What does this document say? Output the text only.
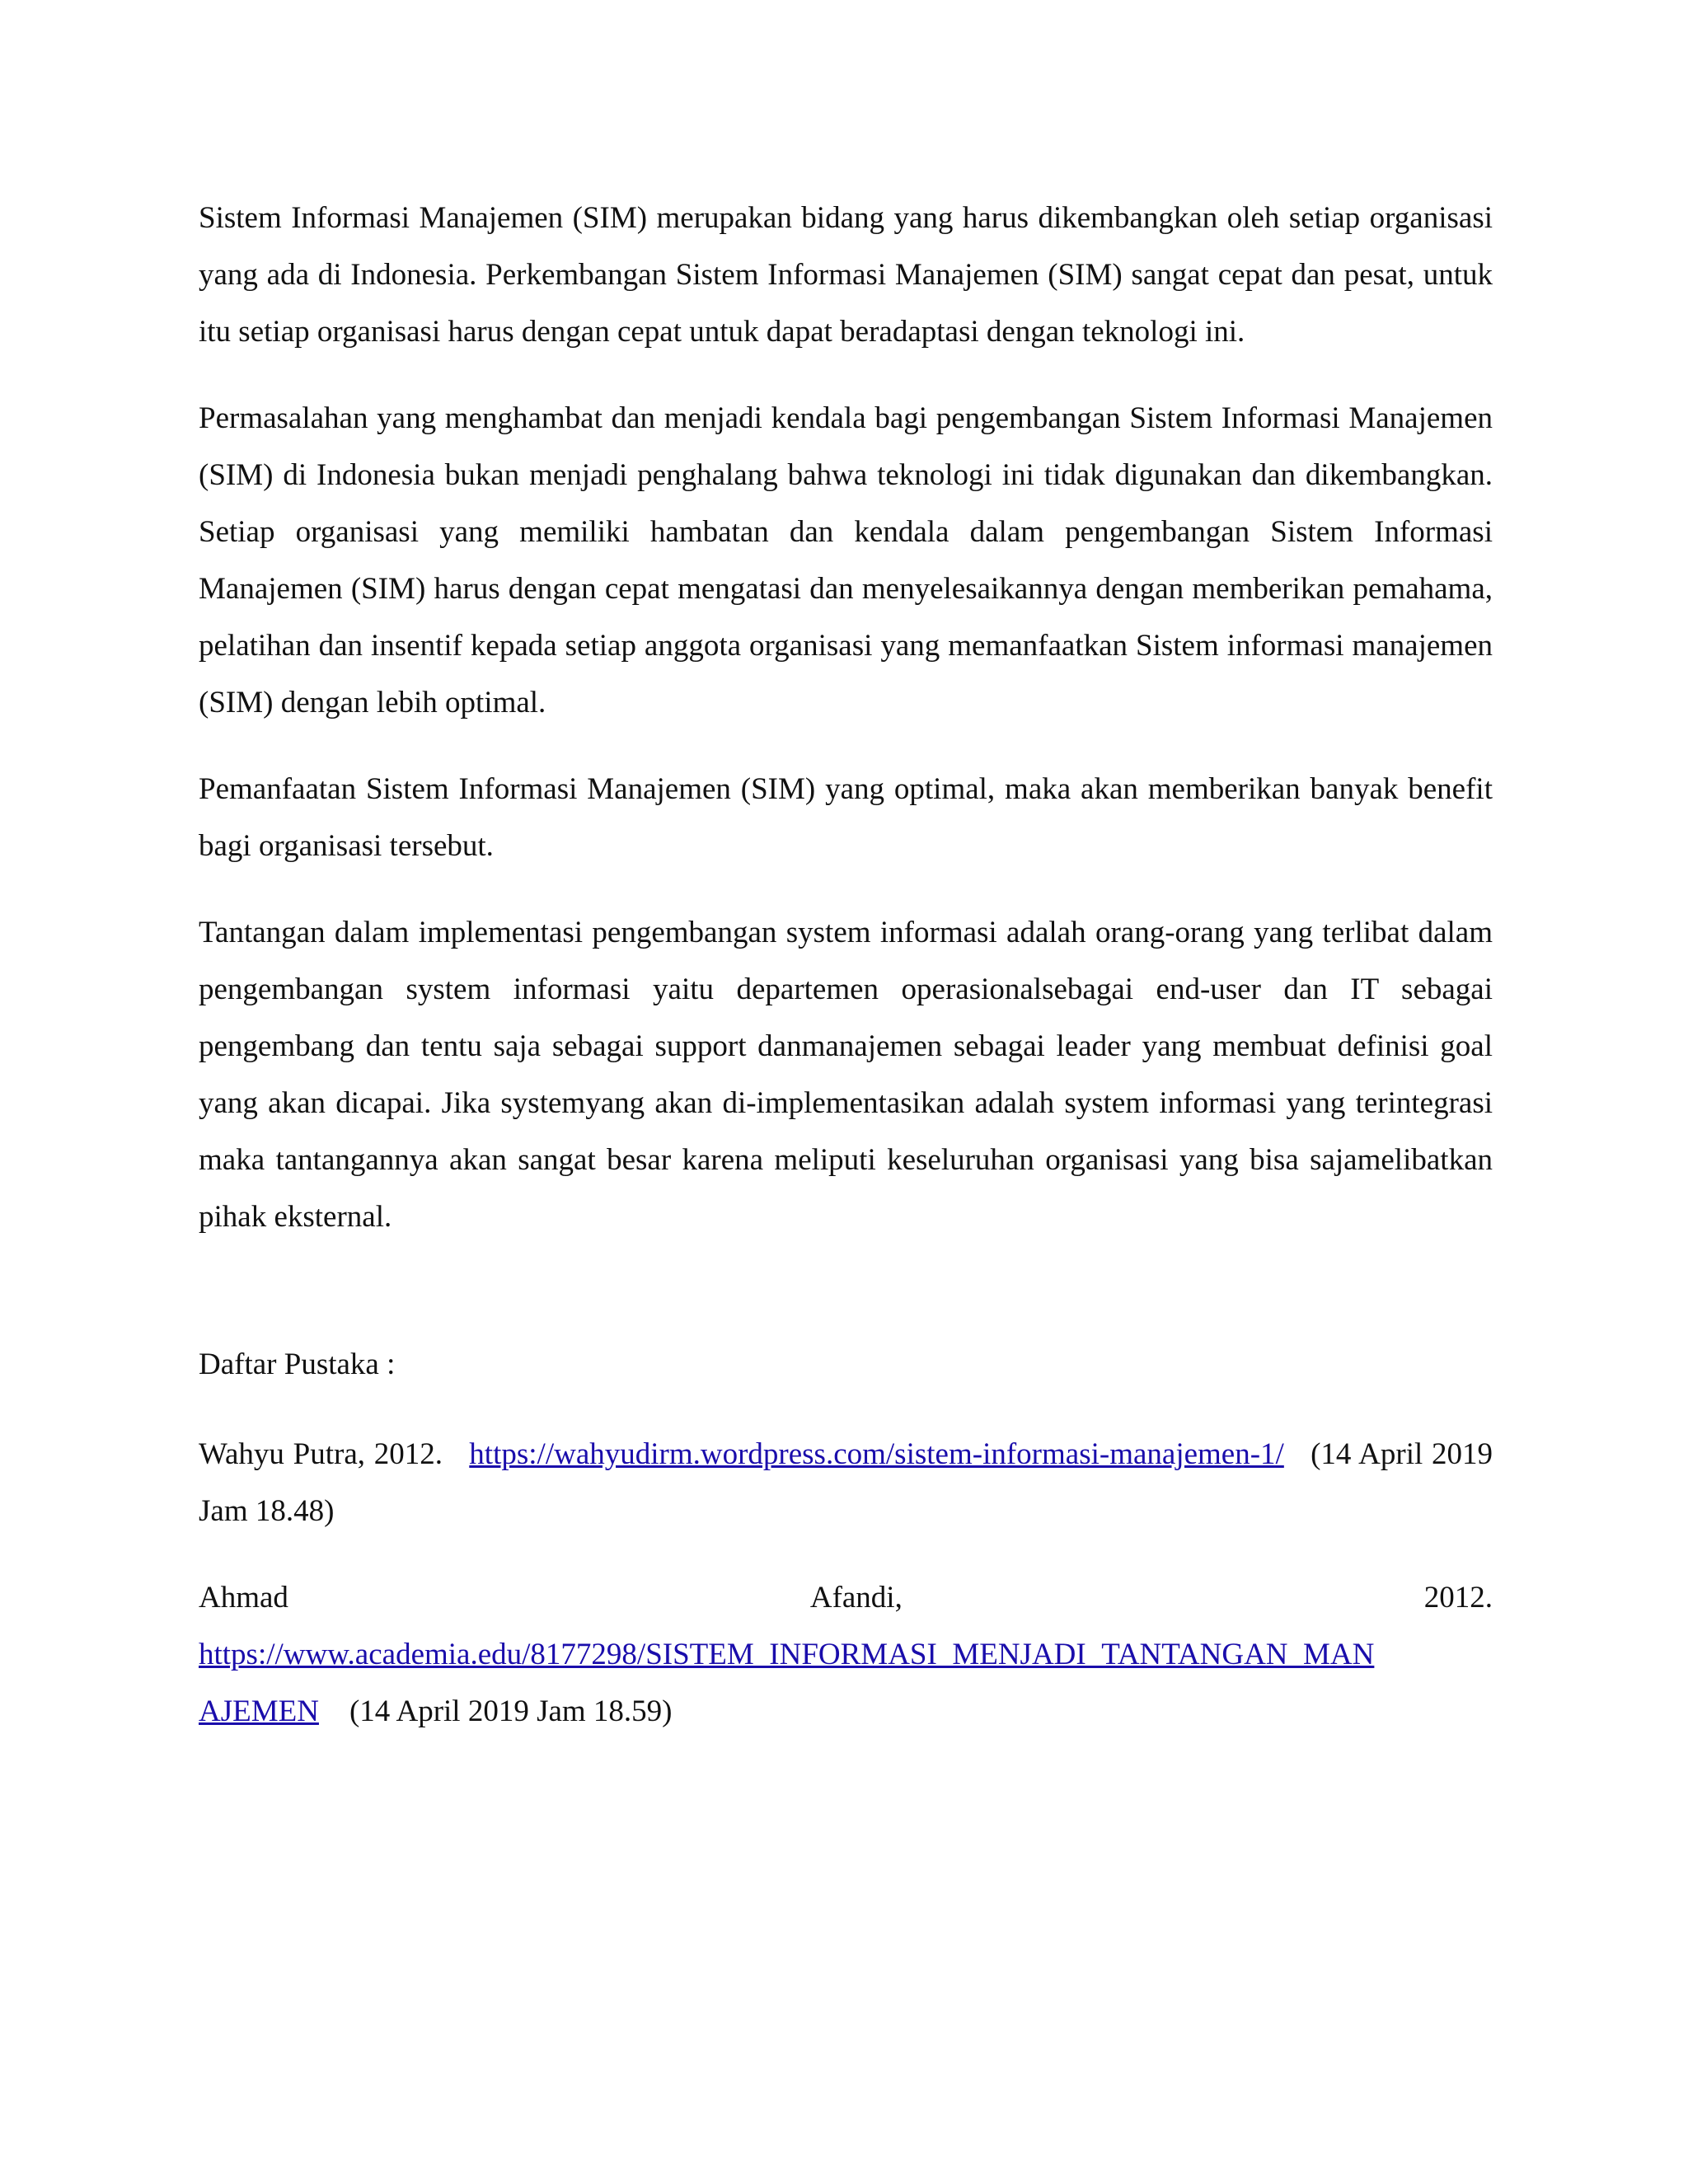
Sistem Informasi Manajemen (SIM) merupakan bidang yang harus dikembangkan oleh setiap organisasi yang ada di Indonesia. Perkembangan Sistem Informasi Manajemen (SIM) sangat cepat dan pesat, untuk itu setiap organisasi harus dengan cepat untuk dapat beradaptasi dengan teknologi ini.

Permasalahan yang menghambat dan menjadi kendala bagi pengembangan Sistem Informasi Manajemen (SIM) di Indonesia bukan menjadi penghalang bahwa teknologi ini tidak digunakan dan dikembangkan. Setiap organisasi yang memiliki hambatan dan kendala dalam pengembangan Sistem Informasi Manajemen (SIM) harus dengan cepat mengatasi dan menyelesaikannya dengan memberikan pemahama, pelatihan dan insentif kepada setiap anggota organisasi yang memanfaatkan Sistem informasi manajemen (SIM) dengan lebih optimal.

Pemanfaatan Sistem Informasi Manajemen (SIM) yang optimal, maka akan memberikan banyak benefit bagi organisasi tersebut.

Tantangan dalam implementasi pengembangan system informasi adalah orang-orang yang terlibat dalam pengembangan system informasi yaitu departemen operasionalsebagai end-user dan IT sebagai pengembang dan tentu saja sebagai support danmanajemen sebagai leader yang membuat definisi goal yang akan dicapai. Jika systemyang akan di-implementasikan adalah system informasi yang terintegrasi maka tantangannya akan sangat besar karena meliputi keseluruhan organisasi yang bisa sajamelibatkan pihak eksternal.

Daftar Pustaka :
Wahyu Putra, 2012. https://wahyudirm.wordpress.com/sistem-informasi-manajemen-1/ (14 April 2019 Jam 18.48)
Ahmad	Afandi,	2012.
https://www.academia.edu/8177298/SISTEM_INFORMASI_MENJADI_TANTANGAN_MAN
AJEMEN (14 April 2019 Jam 18.59)
